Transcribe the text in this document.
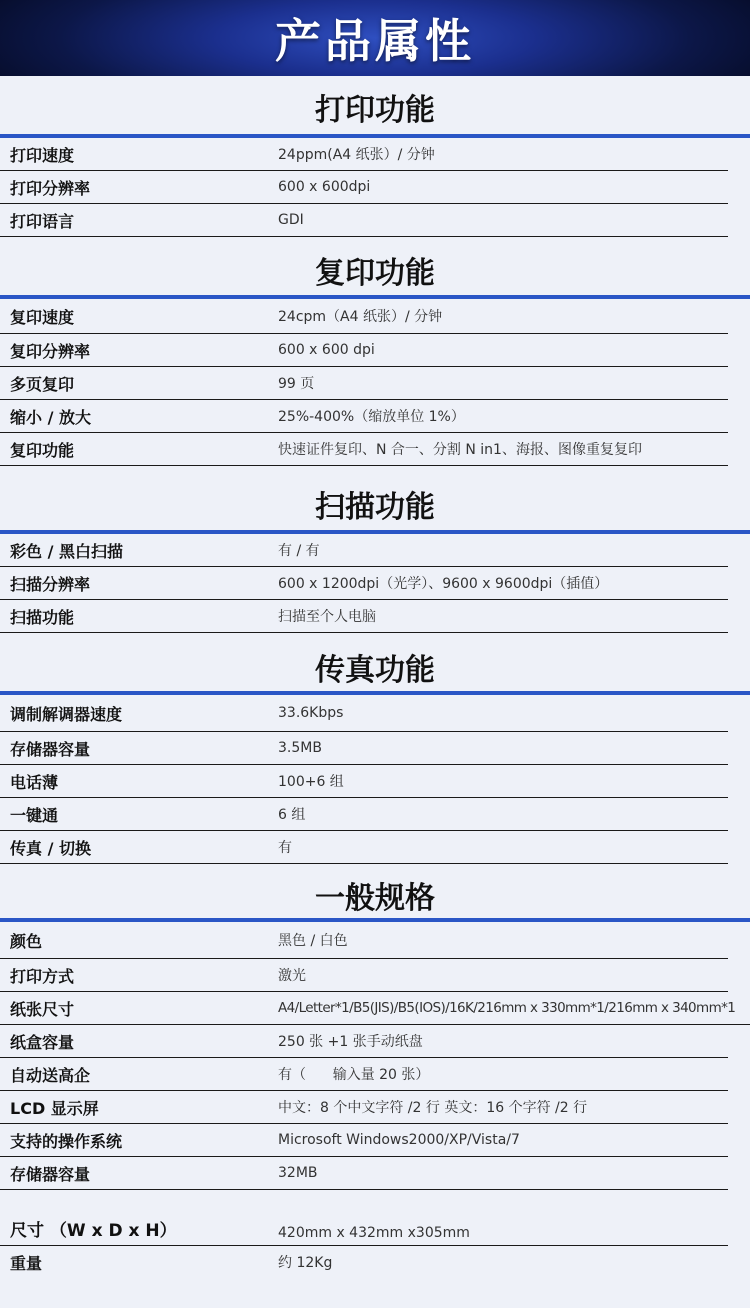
产品属性
打印功能
打印速度	24ppm(A4 纸张）/ 分钟
打印分辨率	600 x 600dpi
打印语言	GDI
复印功能
复印速度	24cpm（A4 纸张）/ 分钟
复印分辨率	600 x 600 dpi
多页复印	99 页
缩小 / 放大	25%-400%（缩放单位 1%）
复印功能	快速证件复印、N 合一、分割 N in1、海报、图像重复复印
扫描功能
彩色 / 黑白扫描	有 / 有
扫描分辨率	600 x 1200dpi（光学）、9600 x 9600dpi（插值）
扫描功能	扫描至个人电脑
传真功能
调制解调器速度	33.6Kbps
存储器容量	3.5MB
电话薄	100+6 组
一键通	6 组
传真 / 切换	有
一般规格
颜色	黑色 / 白色
打印方式	激光
纸张尺寸	A4/Letter*1/B5(JIS)/B5(IOS)/16K/216mm x 330mm*1/216mm x 340mm*1
纸盒容量	250 张 +1 张手动纸盘
自动送高企	有（      输入量 20 张）
LCD 显示屏	中文：8 个中文字符 /2 行 英文：16 个字符 /2 行
支持的操作系统	Microsoft Windows2000/XP/Vista/7
存储器容量	32MB
尺寸 （W x D x H）	420mm x 432mm x305mm
重量	约 12Kg
